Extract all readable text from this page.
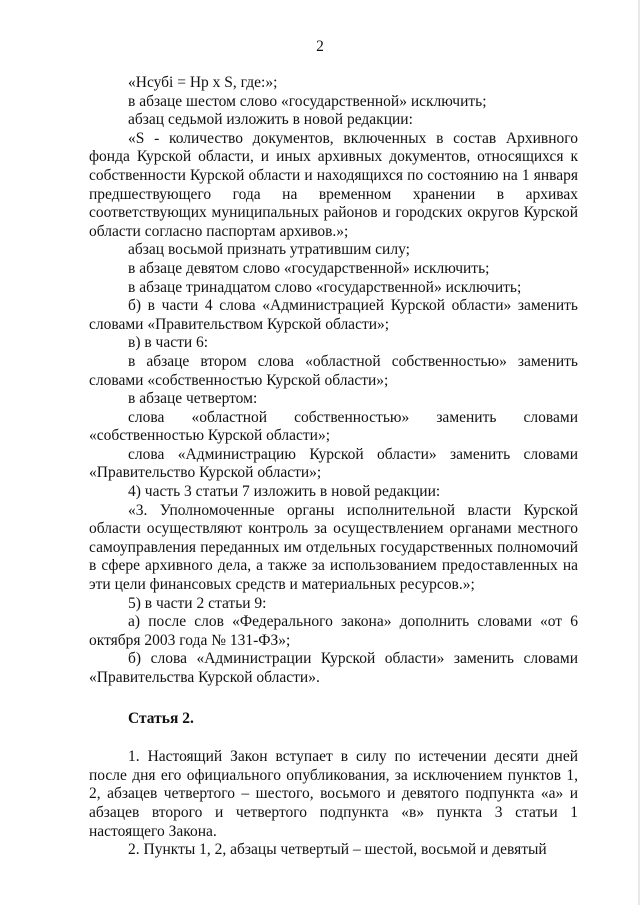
2

«Нсубi = Нр х S, где:»;

в абзаце шестом слово «государственной» исключить;

абзац седьмой изложить в новой редакции:

«S - количество документов, включенных в состав Архивного фонда Курской области, и иных архивных документов, относящихся к собственности Курской области и находящихся по состоянию на 1 января предшествующего года на временном хранении в архивах соответствующих муниципальных районов и городских округов Курской области согласно паспортам архивов.»;

абзац восьмой признать утратившим силу;

в абзаце девятом слово «государственной» исключить;

в абзаце тринадцатом слово «государственной» исключить;

б) в части 4 слова «Администрацией Курской области» заменить словами «Правительством Курской области»;

в) в части 6:

в абзаце втором слова «областной собственностью» заменить словами «собственностью Курской области»;

в абзаце четвертом:

слова «областной собственностью» заменить словами «собственностью Курской области»;

слова «Администрацию Курской области» заменить словами «Правительство Курской области»;

4) часть 3 статьи 7 изложить в новой редакции:

«3. Уполномоченные органы исполнительной власти Курской области осуществляют контроль за осуществлением органами местного самоуправления переданных им отдельных государственных полномочий в сфере архивного дела, а также за использованием предоставленных на эти цели финансовых средств и материальных ресурсов.»;

5) в части 2 статьи 9:

а) после слов «Федерального закона» дополнить словами «от 6 октября 2003 года № 131-ФЗ»;

б) слова «Администрации Курской области» заменить словами «Правительства Курской области».

Статья 2.

1. Настоящий Закон вступает в силу по истечении десяти дней после дня его официального опубликования, за исключением пунктов 1, 2, абзацев четвертого – шестого, восьмого и девятого подпункта «а» и абзацев второго и четвертого подпункта «в» пункта 3 статьи 1 настоящего Закона.

2. Пункты 1, 2, абзацы четвертый – шестой, восьмой и девятый
